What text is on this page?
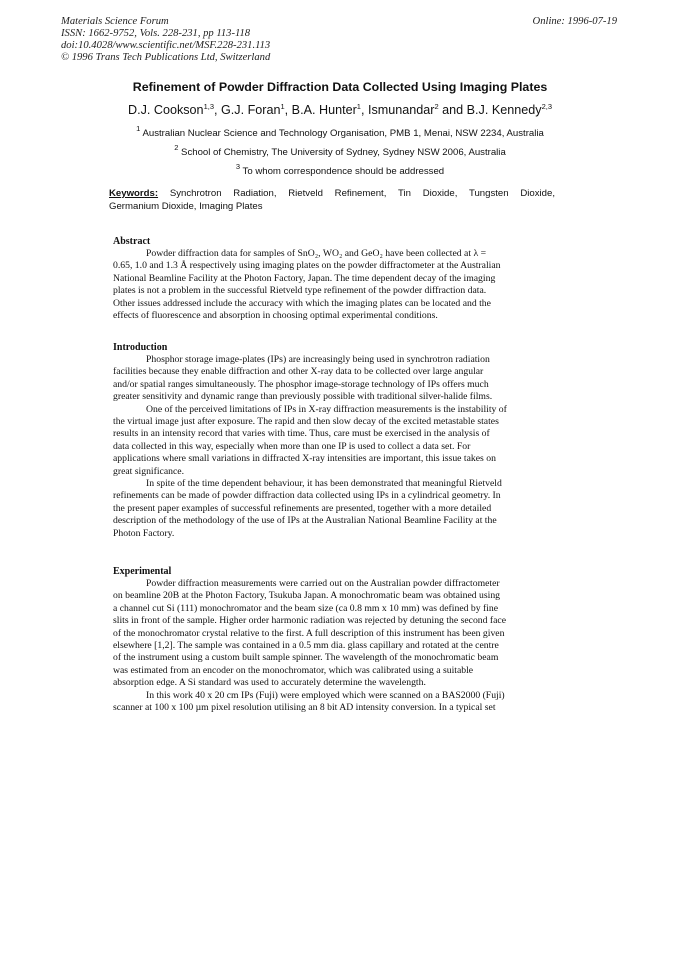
Materials Science Forum
ISSN: 1662-9752, Vols. 228-231, pp 113-118
doi:10.4028/www.scientific.net/MSF.228-231.113
© 1996 Trans Tech Publications Ltd, Switzerland
Online: 1996-07-19
Refinement of Powder Diffraction Data Collected Using Imaging Plates
D.J. Cookson$^{1,3}$, G.J. Foran$^1$, B.A. Hunter$^1$, Ismunandar$^2$ and B.J. Kennedy$^{2,3}$
$^1$ Australian Nuclear Science and Technology Organisation, PMB 1, Menai, NSW 2234, Australia
$^2$ School of Chemistry, The University of Sydney, Sydney NSW 2006, Australia
$^3$ To whom correspondence should be addressed
Keywords: Synchrotron Radiation, Rietveld Refinement, Tin Dioxide, Tungsten Dioxide,
Germanium Dioxide, Imaging Plates
Abstract
Powder diffraction data for samples of SnO₂, WO₂ and GeO₂ have been collected at λ =
0.65, 1.0 and 1.3 Å respectively using imaging plates on the powder diffractometer at the Australian
National Beamline Facility at the Photon Factory, Japan. The time dependent decay of the imaging
plates is not a problem in the successful Rietveld type refinement of the powder diffraction data.
Other issues addressed include the accuracy with which the imaging plates can be located and the
effects of fluorescence and absorption in choosing optimal experimental conditions.
Introduction
Phosphor storage image-plates (IPs) are increasingly being used in synchrotron radiation
facilities because they enable diffraction and other X-ray data to be collected over large angular
and/or spatial ranges simultaneously. The phosphor image-storage technology of IPs offers much
greater sensitivity and dynamic range than previously possible with traditional silver-halide films.
One of the perceived limitations of IPs in X-ray diffraction measurements is the instability of
the virtual image just after exposure. The rapid and then slow decay of the excited metastable states
results in an intensity record that varies with time. Thus, care must be exercised in the analysis of
data collected in this way, especially when more than one IP is used to collect a data set. For
applications where small variations in diffracted X-ray intensities are important, this issue takes on
great significance.
In spite of the time dependent behaviour, it has been demonstrated that meaningful Rietveld
refinements can be made of powder diffraction data collected using IPs in a cylindrical geometry. In
the present paper examples of successful refinements are presented, together with a more detailed
description of the methodology of the use of IPs at the Australian National Beamline Facility at the
Photon Factory.
Experimental
Powder diffraction measurements were carried out on the Australian powder diffractometer
on beamline 20B at the Photon Factory, Tsukuba Japan. A monochromatic beam was obtained using
a channel cut Si (111) monochromator and the beam size (ca 0.8 mm x 10 mm) was defined by fine
slits in front of the sample. Higher order harmonic radiation was rejected by detuning the second face
of the monochromator crystal relative to the first. A full description of this instrument has been given
elsewhere [1,2]. The sample was contained in a 0.5 mm dia. glass capillary and rotated at the centre
of the instrument using a custom built sample spinner. The wavelength of the monochromatic beam
was estimated from an encoder on the monochromator, which was calibrated using a suitable
absorption edge. A Si standard was used to accurately determine the wavelength.
In this work 40 x 20 cm IPs (Fuji) were employed which were scanned on a BAS2000 (Fuji)
scanner at 100 x 100 µm pixel resolution utilising an 8 bit AD intensity conversion. In a typical set
